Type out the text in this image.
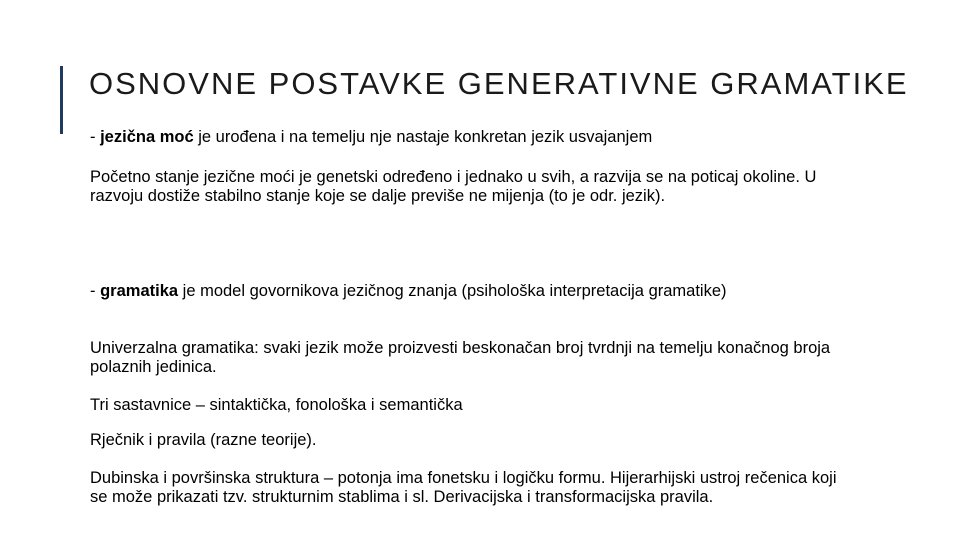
OSNOVNE POSTAVKE GENERATIVNE GRAMATIKE

- jezična moć je urođena i na temelju nje nastaje konkretan jezik usvajanjem

Početno stanje jezične moći je genetski određeno i jednako u svih, a razvija se na poticaj okoline. U razvoju dostiže stabilno stanje koje se dalje previše ne mijenja (to je odr. jezik).

- gramatika je model govornikova jezičnog znanja (psihološka interpretacija gramatike)

Univerzalna gramatika: svaki jezik može proizvesti beskonačan broj tvrdnji na temelju konačnog broja polaznih jedinica.

Tri sastavnice – sintaktička, fonološka i semantička

Rječnik i pravila (razne teorije).

Dubinska i površinska struktura – potonja ima fonetsku i logičku formu. Hijerarhijski ustroj rečenica koji se može prikazati tzv. strukturnim stablima i sl. Derivacijska i transformacijska pravila.
